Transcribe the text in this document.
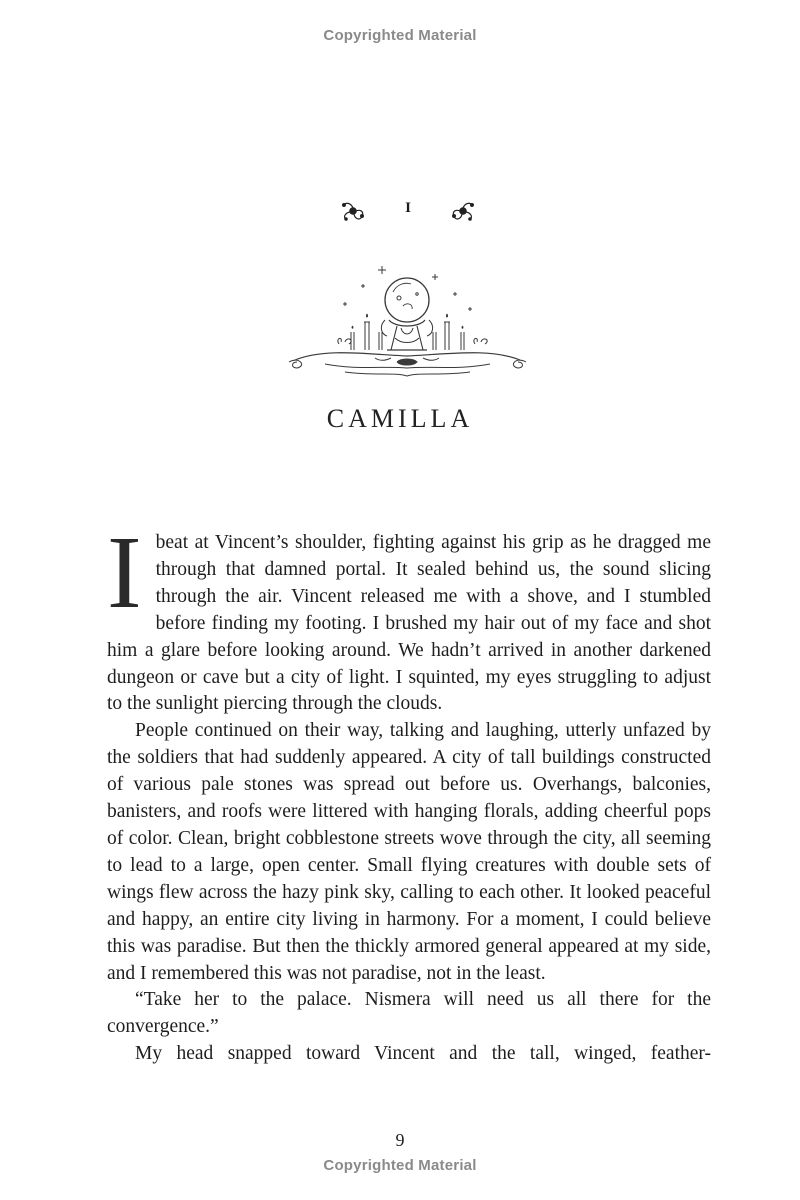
Copyrighted Material
I
CAMILLA

I beat at Vincent’s shoulder, fighting against his grip as he dragged me through that damned portal. It sealed behind us, the sound slicing through the air. Vincent released me with a shove, and I stumbled before finding my footing. I brushed my hair out of my face and shot him a glare before looking around. We hadn’t arrived in another darkened dungeon or cave but a city of light. I squinted, my eyes struggling to adjust to the sunlight piercing through the clouds.

People continued on their way, talking and laughing, utterly unfazed by the soldiers that had suddenly appeared. A city of tall buildings constructed of various pale stones was spread out before us. Overhangs, balconies, banisters, and roofs were littered with hanging florals, adding cheerful pops of color. Clean, bright cobblestone streets wove through the city, all seeming to lead to a large, open center. Small flying creatures with double sets of wings flew across the hazy pink sky, calling to each other. It looked peaceful and happy, an entire city living in harmony. For a moment, I could believe this was paradise. But then the thickly armored general appeared at my side, and I remembered this was not paradise, not in the least.

“Take her to the palace. Nismera will need us all there for the convergence.”

My head snapped toward Vincent and the tall, winged, feather-

9
Copyrighted Material
